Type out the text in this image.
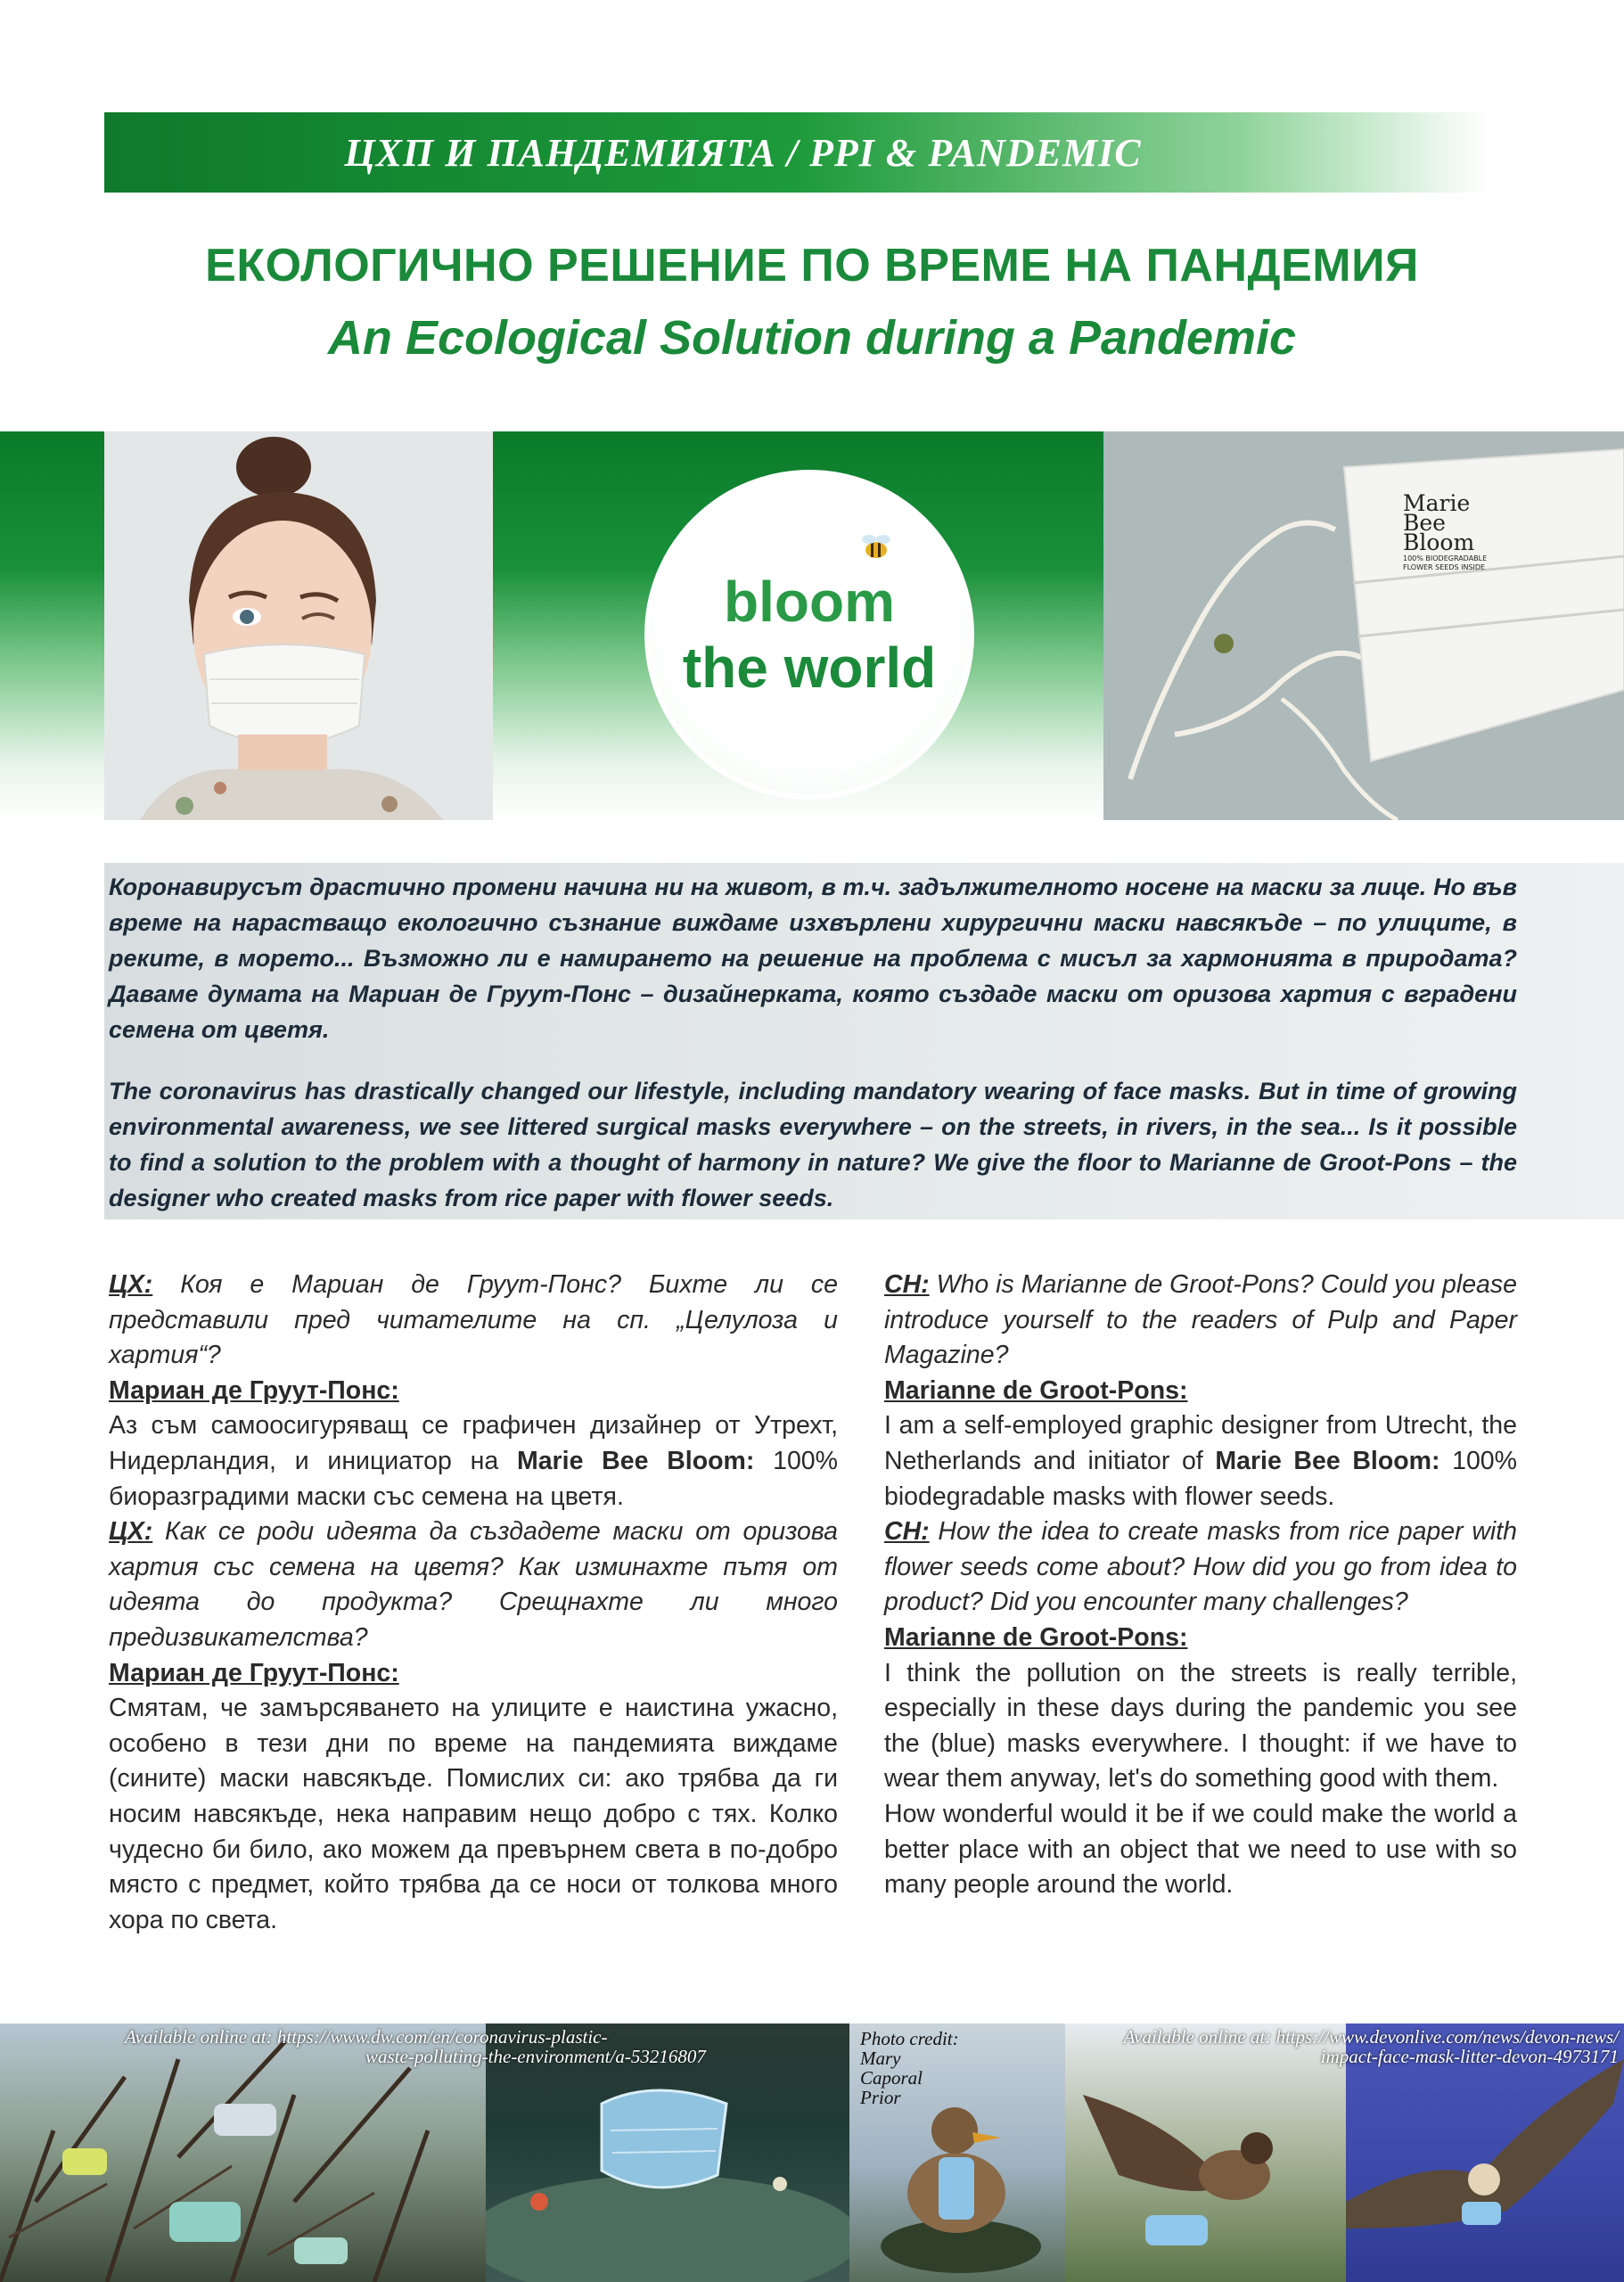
ЦХП И ПАНДЕМИЯТА / PPI & PANDEMIC
ЕКОЛОГИЧНО РЕШЕНИЕ ПО ВРЕМЕ НА ПАНДЕМИЯ
An Ecological Solution during a Pandemic
bloom
the world
Marie
Bee
Bloom
100% BIODEGRADABLE
FLOWER SEEDS INSIDE
Коронавирусът драстично промени начина ни на живот, в т.ч. задължителното носене на маски за лице. Но във време на нарастващо екологично съзнание виждаме изхвърлени хирургични маски навсякъде – по улиците, в реките, в морето... Възможно ли е намирането на решение на проблема с мисъл за хармонията в природата? Даваме думата на Мариан де Груут-Понс – дизайнерката, която създаде маски от оризова хартия с вградени семена от цветя.
The coronavirus has drastically changed our lifestyle, including mandatory wearing of face masks. But in time of growing environmental awareness, we see littered surgical masks everywhere – on the streets, in rivers, in the sea... Is it possible to find a solution to the problem with a thought of harmony in nature? We give the floor to Marianne de Groot-Pons – the designer who created masks from rice paper with flower seeds.
ЦХ: Коя е Мариан де Груут-Понс? Бихте ли се представили пред читателите на сп. „Целулоза и хартия“?
Мариан де Груут-Понс:
Аз съм самоосигуряващ се графичен дизайнер от Утрехт, Нидерландия, и инициатор на Marie Bee Bloom: 100% биоразградими маски със семена на цветя.
ЦХ: Как се роди идеята да създадете маски от оризова хартия със семена на цветя? Как изминахте пътя от идеята до продукта? Срещнахте ли много предизвикателства?
Мариан де Груут-Понс:
Смятам, че замърсяването на улиците е наистина ужасно, особено в тези дни по време на пандемията виждаме (сините) маски навсякъде. Помислих си: ако трябва да ги носим навсякъде, нека направим нещо добро с тях. Колко чудесно би било, ако можем да превърнем света в по-добро място с предмет, който трябва да се носи от толкова много хора по света.
CH: Who is Marianne de Groot-Pons? Could you please introduce yourself to the readers of Pulp and Paper Magazine?
Marianne de Groot-Pons:
I am a self-employed graphic designer from Utrecht, the Netherlands and initiator of Marie Bee Bloom: 100% biodegradable masks with flower seeds.
CH: How the idea to create masks from rice paper with flower seeds come about? How did you go from idea to product? Did you encounter many challenges?
Marianne de Groot-Pons:
I think the pollution on the streets is really terrible, especially in these days during the pandemic you see the (blue) masks everywhere. I thought: if we have to wear them anyway, let's do something good with them.
How wonderful would it be if we could make the world a better place with an object that we need to use with so many people around the world.
Available online at: https://www.dw.com/en/coronavirus-plastic-
waste-polluting-the-environment/a-53216807
Photo credit:
Mary
Caporal
Prior
Available online at: https://www.devonlive.com/news/devon-news/
impact-face-mask-litter-devon-4973171
